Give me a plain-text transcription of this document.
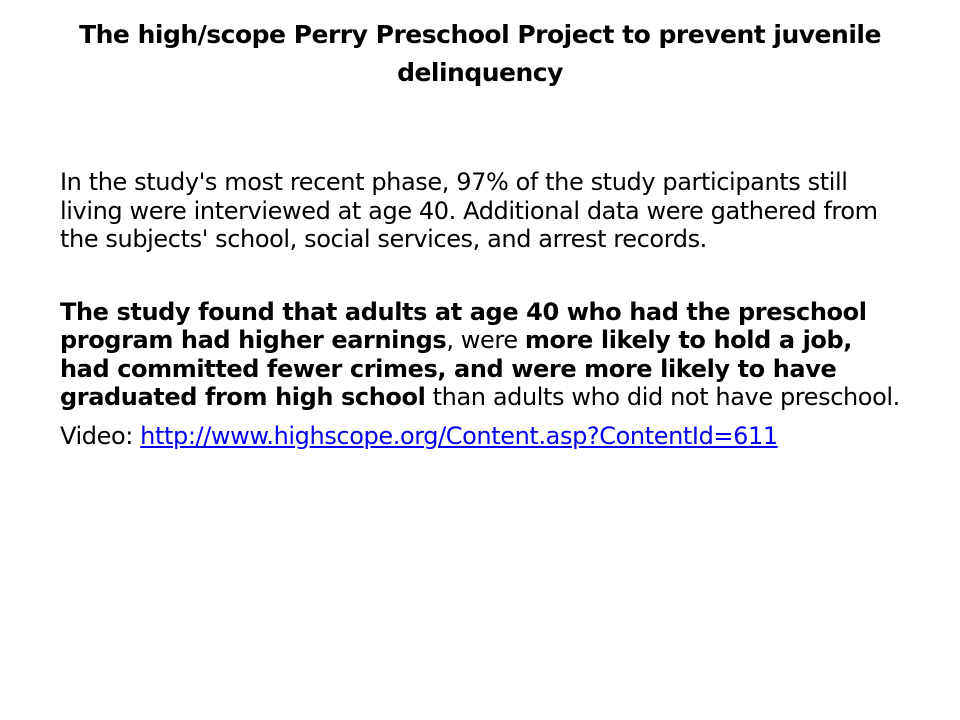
The high/scope Perry Preschool Project to prevent juvenile delinquency

In the study's most recent phase, 97% of the study participants still living were interviewed at age 40. Additional data were gathered from the subjects' school, social services, and arrest records.

The study found that adults at age 40 who had the preschool program had higher earnings, were more likely to hold a job, had committed fewer crimes, and were more likely to have graduated from high school than adults who did not have preschool.

Video: http://www.highscope.org/Content.asp?ContentId=611
